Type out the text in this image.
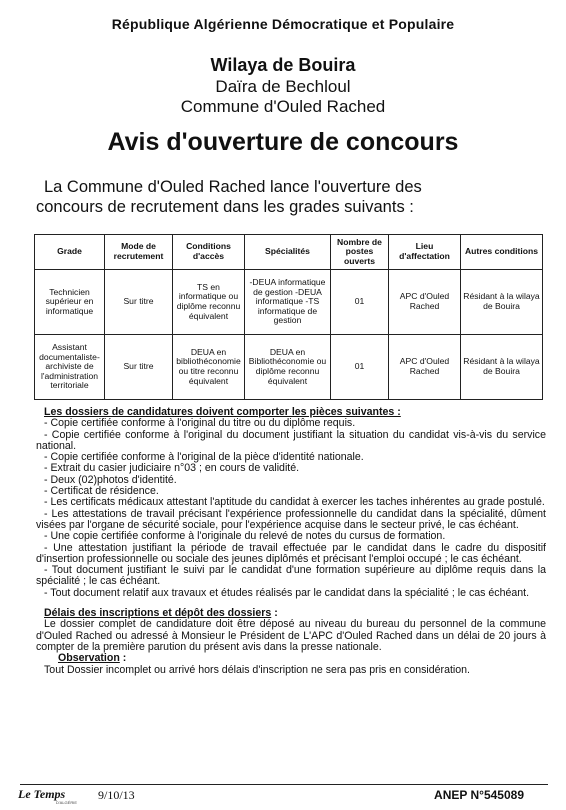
République Algérienne Démocratique et Populaire
Wilaya de Bouira
Daïra de Bechloul
Commune d'Ouled Rached
Avis d'ouverture de concours
La Commune d'Ouled Rached lance l'ouverture des
concours de recrutement dans les grades suivants :
Grade	Mode de recrutement	Conditions d'accès	Spécialités	Nombre de postes ouverts	Lieu d'affectation	Autres conditions
Technicien supérieur en informatique	Sur titre	TS en informatique ou diplôme reconnu équivalent	-DEUA informatique de gestion -DEUA informatique -TS informatique de gestion	01	APC d'Ouled Rached	Résidant à la wilaya de Bouira
Assistant documentaliste-archiviste de l'administration territoriale	Sur titre	DEUA en bibliothéconomie ou titre reconnu équivalent	DEUA en Bibliothéconomie ou diplôme reconnu équivalent	01	APC d'Ouled Rached	Résidant à la wilaya de Bouira

Les dossiers de candidatures doivent comporter les pièces suivantes :

- Copie certifiée conforme à l'original du titre ou du diplôme requis.

- Copie certifiée conforme à l'original du document justifiant la situation du candidat vis-à-vis du service national.

- Copie certifiée conforme à l'original de la pièce d'identité nationale.

- Extrait du casier judiciaire n°03 ; en cours de validité.

- Deux (02)photos d'identité.

- Certificat de résidence.

- Les certificats médicaux attestant l'aptitude du candidat à exercer les taches inhérentes au grade postulé.

- Les attestations de travail précisant l'expérience professionnelle du candidat dans la spécialité, dûment visées par l'organe de sécurité sociale, pour l'expérience acquise dans le secteur privé, le cas échéant.

- Une copie certifiée conforme à l'originale du relevé de notes du cursus de formation.

- Une attestation justifiant la période de travail effectuée par le candidat dans le cadre du dispositif d'insertion professionnelle ou sociale des jeunes diplômés et précisant l'emploi occupé ; le cas échéant.

- Tout document justifiant le suivi par le candidat d'une formation supérieure au diplôme requis dans la spécialité ; le cas échéant.

- Tout document relatif aux travaux et études réalisés par le candidat dans la spécialité ; le cas échéant.

Délais des inscriptions et dépôt des dossiers :

Le dossier complet de candidature doit être déposé au niveau du bureau du personnel de la commune d'Ouled Rached ou adressé à Monsieur le Président de L'APC d'Ouled Rached dans un délai de 20 jours à compter de la première parution du présent avis dans la presse nationale.

Observation :

Tout Dossier incomplet ou arrivé hors délais d'inscription ne sera pas pris en considération.

Le Temps
D'ALGÉRIE
9/10/13	ANEP N°545089
